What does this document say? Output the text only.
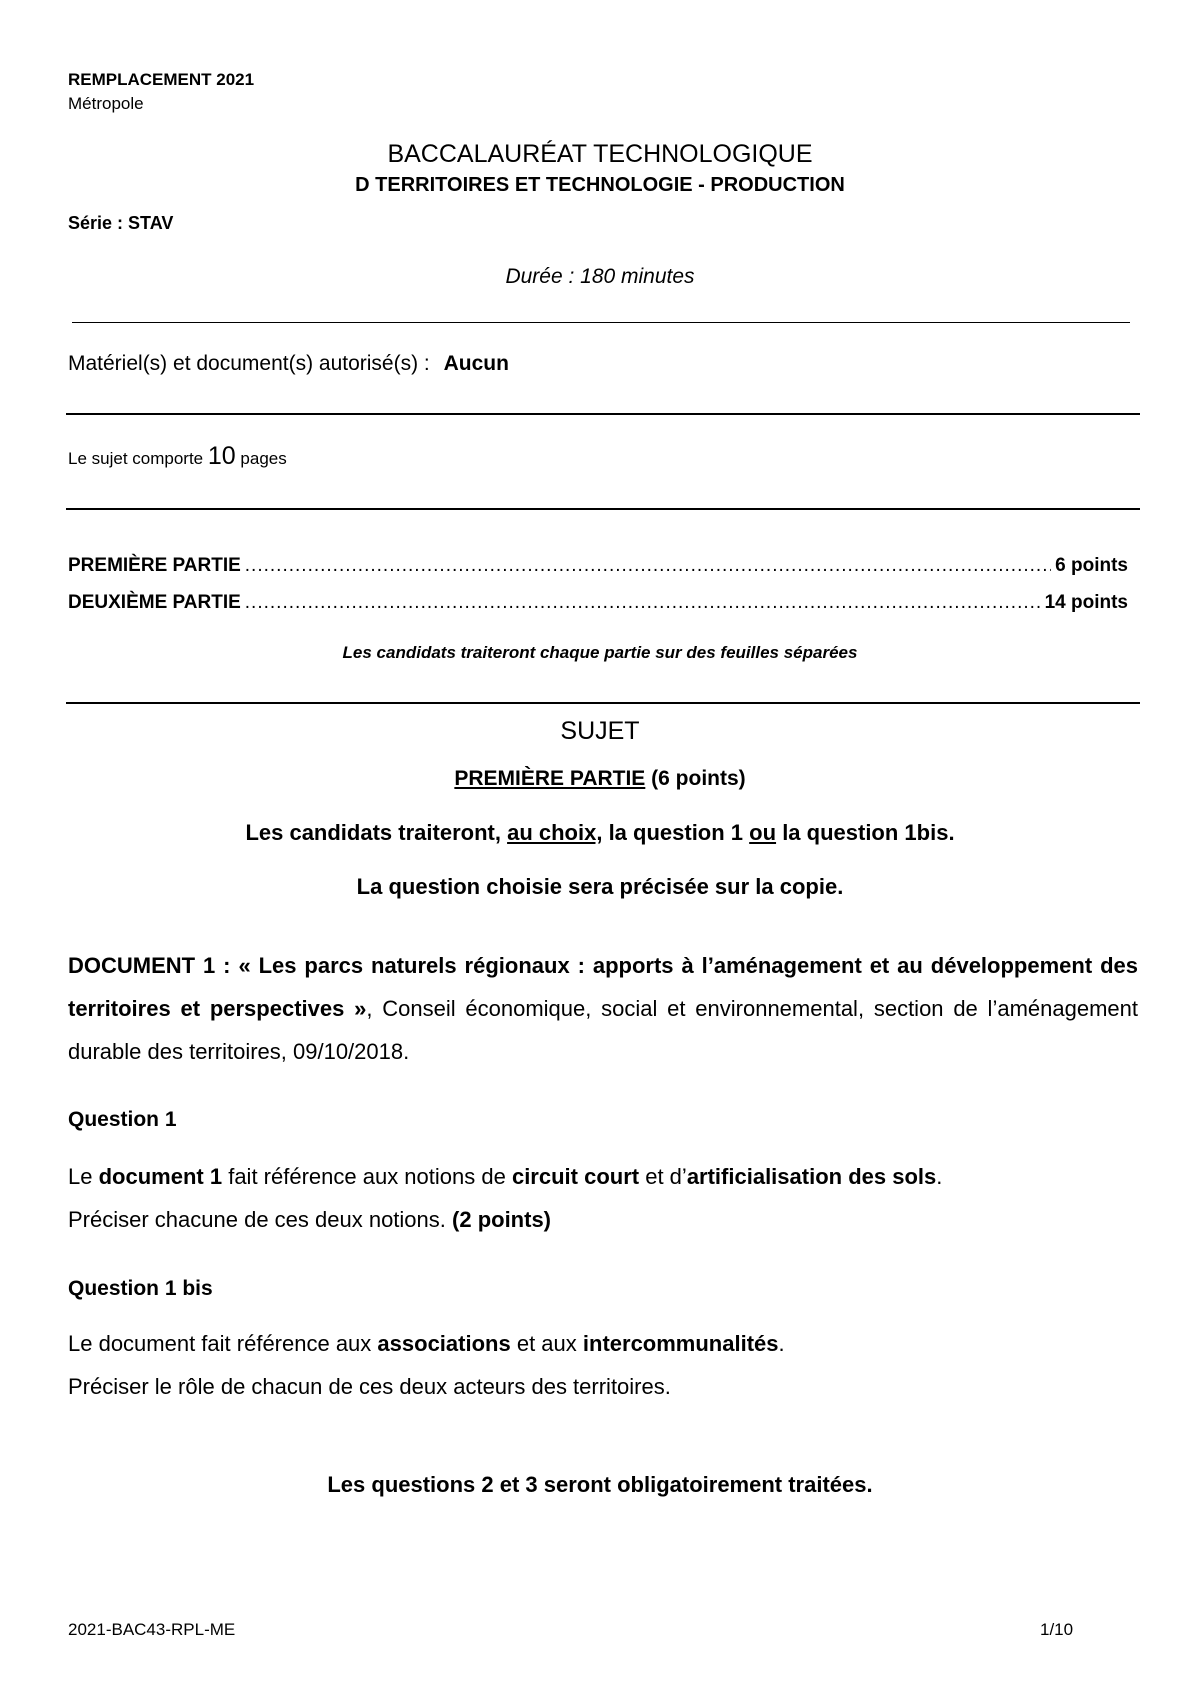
REMPLACEMENT 2021
Métropole
BACCALAURÉAT TECHNOLOGIQUE
D TERRITOIRES ET TECHNOLOGIE - PRODUCTION
Série : STAV
Durée : 180 minutes
Matériel(s) et document(s) autorisé(s) : Aucun
Le sujet comporte 10 pages
PREMIÈRE PARTIE .....	6 points
DEUXIÈME PARTIE .....	14 points
Les candidats traiteront chaque partie sur des feuilles séparées
SUJET
PREMIÈRE PARTIE (6 points)
Les candidats traiteront, au choix, la question 1 ou la question 1bis.
La question choisie sera précisée sur la copie.
DOCUMENT 1 : « Les parcs naturels régionaux : apports à l’aménagement et au développement des territoires et perspectives », Conseil économique, social et environnemental, section de l’aménagement durable des territoires, 09/10/2018.
Question 1
Le document 1 fait référence aux notions de circuit court et d’artificialisation des sols.
Préciser chacune de ces deux notions. (2 points)
Question 1 bis
Le document fait référence aux associations et aux intercommunalités.
Préciser le rôle de chacun de ces deux acteurs des territoires.
Les questions 2 et 3 seront obligatoirement traitées.
2021-BAC43-RPL-ME	1/10
